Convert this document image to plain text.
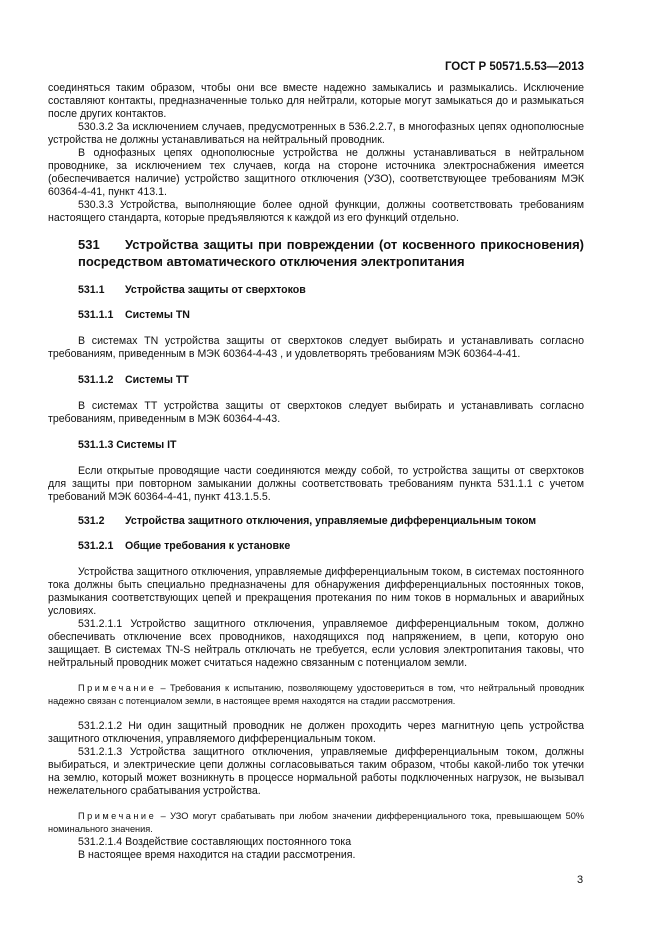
ГОСТ Р 50571.5.53—2013
соединяться таким образом, чтобы они все вместе надежно замыкались и размыкались. Исключение составляют контакты, предназначенные только для нейтрали, которые могут замыкаться до и размыкаться после других контактов.
530.3.2 За исключением случаев, предусмотренных в 536.2.2.7, в многофазных цепях однополюсные устройства не должны устанавливаться на нейтральный проводник.
В однофазных цепях однополюсные устройства не должны устанавливаться в нейтральном проводнике, за исключением тех случаев, когда на стороне источника электроснабжения имеется (обеспечивается наличие) устройство защитного отключения (УЗО), соответствующее требованиям МЭК 60364-4-41, пункт 413.1.
530.3.3 Устройства, выполняющие более одной функции, должны соответствовать требованиям настоящего стандарта, которые предъявляются к каждой из его функций отдельно.
531 Устройства защиты при повреждении (от косвенного прикосновения) посредством автоматического отключения электропитания
531.1 Устройства защиты от сверхтоков
531.1.1 Системы TN
В системах TN устройства защиты от сверхтоков следует выбирать и устанавливать согласно требованиям, приведенным в МЭК 60364-4-43 , и удовлетворять требованиям МЭК 60364-4-41.
531.1.2 Системы TT
В системах TT устройства защиты от сверхтоков следует выбирать и устанавливать согласно требованиям, приведенным в МЭК 60364-4-43.
531.1.3 Системы IT
Если открытые проводящие части соединяются между собой, то устройства защиты от сверхтоков для защиты при повторном замыкании должны соответствовать требованиям пункта 531.1.1 с учетом требований МЭК 60364-4-41, пункт 413.1.5.5.
531.2 Устройства защитного отключения, управляемые дифференциальным током
531.2.1 Общие требования к установке
Устройства защитного отключения, управляемые дифференциальным током, в системах постоянного тока должны быть специально предназначены для обнаружения дифференциальных постоянных токов, размыкания соответствующих цепей и прекращения протекания по ним токов в нормальных и аварийных условиях.
531.2.1.1 Устройство защитного отключения, управляемое дифференциальным током, должно обеспечивать отключение всех проводников, находящихся под напряжением, в цепи, которую оно защищает. В системах TN-S нейтраль отключать не требуется, если условия электропитания таковы, что нейтральный проводник может считаться надежно связанным с потенциалом земли.
Примечание – Требования к испытанию, позволяющему удостовериться в том, что нейтральный проводник надежно связан с потенциалом земли, в настоящее время находятся на стадии рассмотрения.
531.2.1.2 Ни один защитный проводник не должен проходить через магнитную цепь устройства защитного отключения, управляемого дифференциальным током.
531.2.1.3 Устройства защитного отключения, управляемые дифференциальным током, должны выбираться, и электрические цепи должны согласовываться таким образом, чтобы какой-либо ток утечки на землю, который может возникнуть в процессе нормальной работы подключенных нагрузок, не вызывал нежелательного срабатывания устройства.
Примечание – УЗО могут срабатывать при любом значении дифференциального тока, превышающем 50% номинального значения.
531.2.1.4 Воздействие составляющих постоянного тока
В настоящее время находится на стадии рассмотрения.
3
